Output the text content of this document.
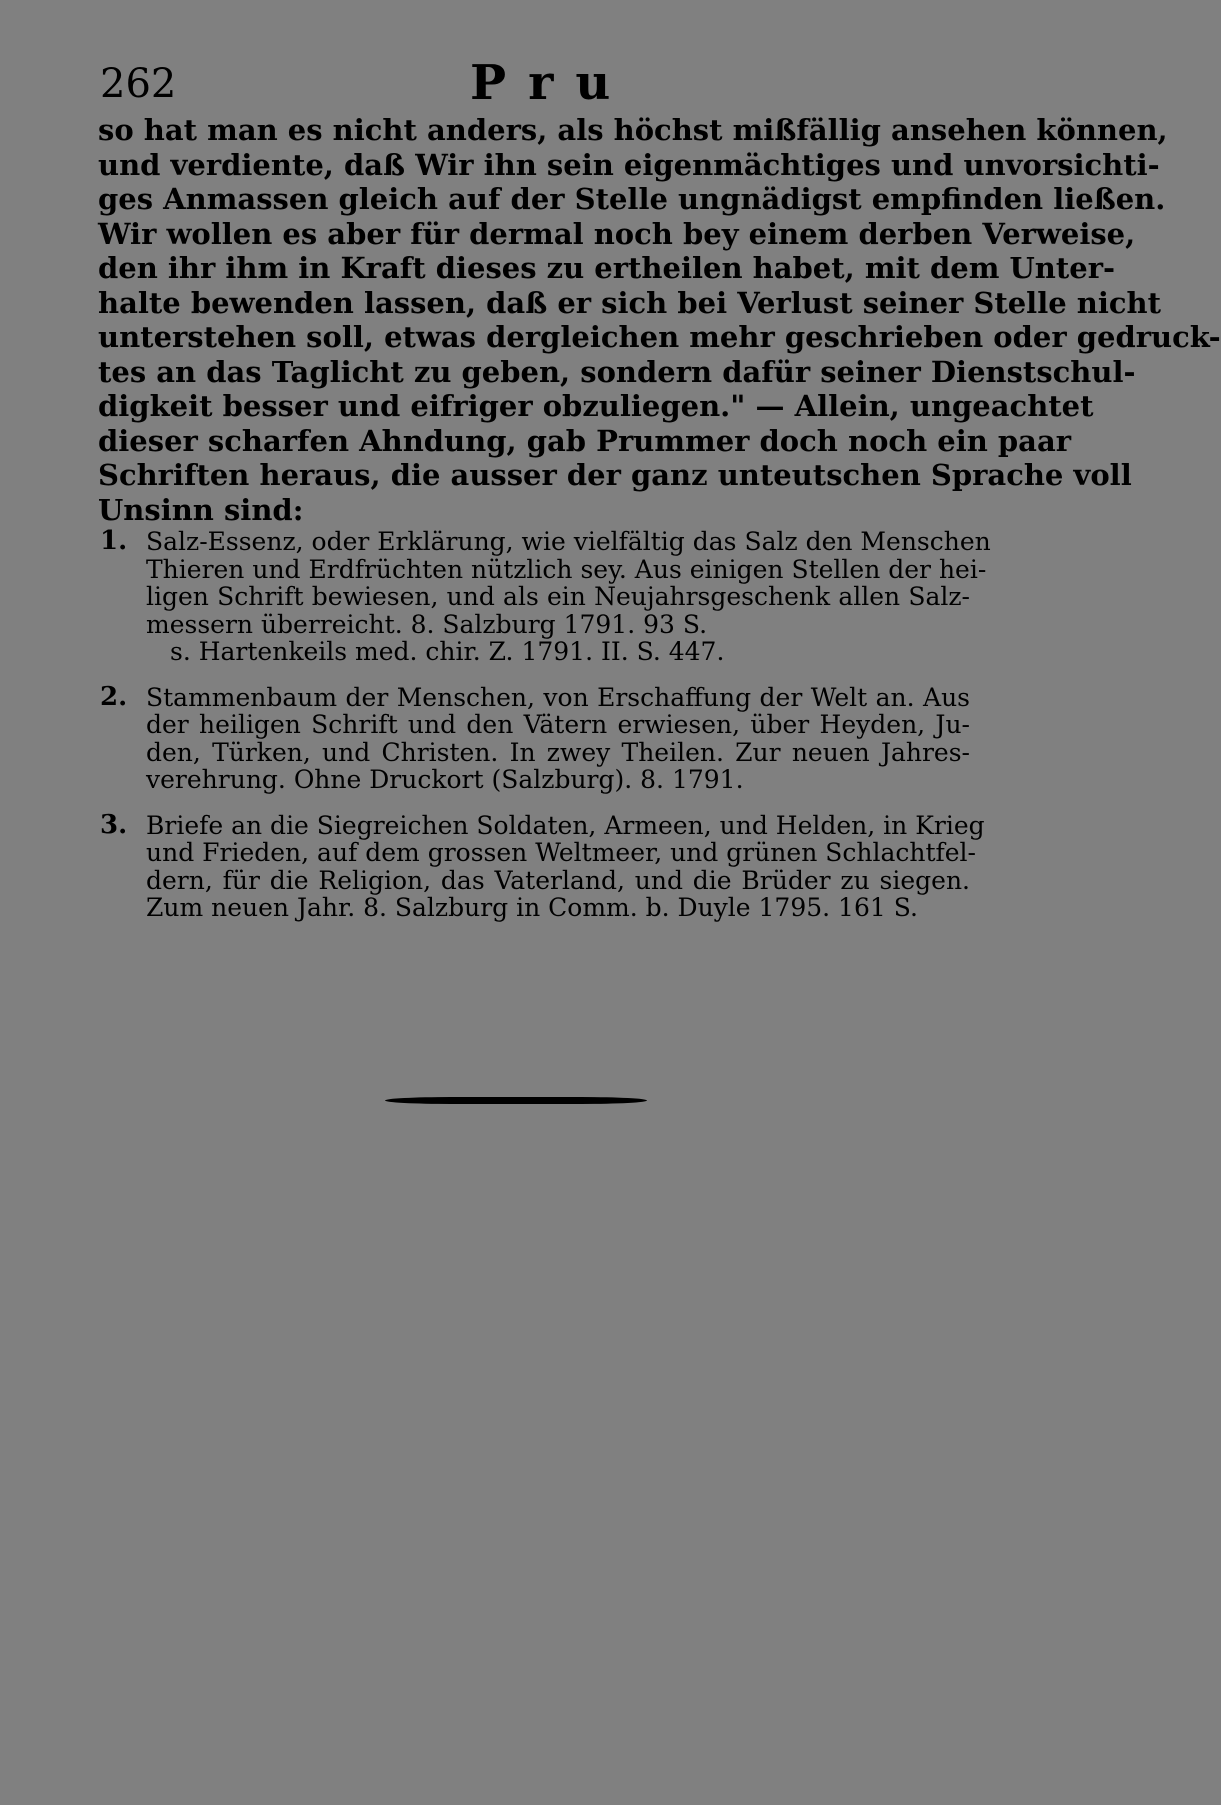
262	Pru
so hat man es nicht anders, als höchst mißfällig ansehen können,
und verdiente, daß Wir ihn sein eigenmächtiges und unvorsichti-
ges Anmassen gleich auf der Stelle ungnädigst empfinden ließen.
Wir wollen es aber für dermal noch bey einem derben Verweise,
den ihr ihm in Kraft dieses zu ertheilen habet, mit dem Unter-
halte bewenden lassen, daß er sich bei Verlust seiner Stelle nicht
unterstehen soll, etwas dergleichen mehr geschrieben oder gedruck-
tes an das Taglicht zu geben, sondern dafür seiner Dienstschul-
digkeit besser und eifriger obzuliegen." — Allein, ungeachtet
dieser scharfen Ahndung, gab Prummer doch noch ein paar
Schriften heraus, die ausser der ganz unteutschen Sprache voll
Unsinn sind:
1. Salz-Essenz, oder Erklärung, wie vielfältig das Salz den Menschen
Thieren und Erdfrüchten nützlich sey. Aus einigen Stellen der hei-
ligen Schrift bewiesen, und als ein Neujahrsgeschenk allen Salz-
messern überreicht. 8. Salzburg 1791. 93 S.
s. Hartenkeils med. chir. Z. 1791. II. S. 447.
2. Stammenbaum der Menschen, von Erschaffung der Welt an. Aus
der heiligen Schrift und den Vätern erwiesen, über Heyden, Ju-
den, Türken, und Christen. In zwey Theilen. Zur neuen Jahres-
verehrung. Ohne Druckort (Salzburg). 8. 1791.
3. Briefe an die Siegreichen Soldaten, Armeen, und Helden, in Krieg
und Frieden, auf dem grossen Weltmeer, und grünen Schlachtfel-
dern, für die Religion, das Vaterland, und die Brüder zu siegen.
Zum neuen Jahr. 8. Salzburg in Comm. b. Duyle 1795. 161 S.
